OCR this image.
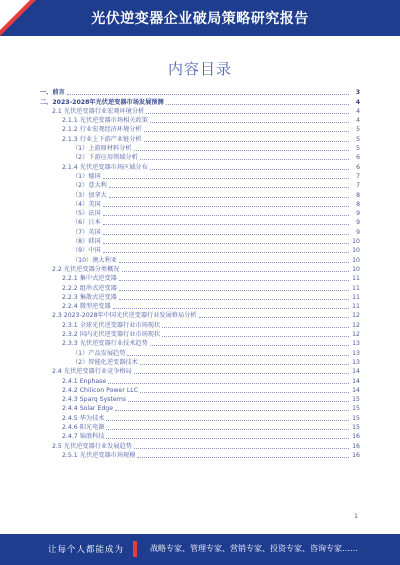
光伏逆变器企业破局策略研究报告
内容目录
一、前言	3
二、2023-2028年光伏逆变器市场发展预测	4
2.1 光伏逆变器行业宏观环境分析	4
2.1.1 光伏逆变器市场相关政策	4
2.1.2 行业宏观经济环境分析	5
2.1.3 行业上下游产业链分析	5
（1）上游原材料分析	5
（2）下游应用领域分析	6
2.1.4 光伏逆变器市场区域分布	6
（1）德国	7
（2）意大利	7
（3）加拿大	8
（4）美国	8
（5）法国	9
（6）日本	9
（7）英国	9
（8）韩国	10
（9）中国	10
（10）澳大利亚	10
2.2 光伏逆变器分类概况	10
2.2.1 集中式逆变器	11
2.2.2 组串式逆变器	11
2.2.3 集散式逆变器	11
2.2.4 微型逆变器	11
2.3 2023-2028年中国光伏逆变器行业发展格局分析	12
2.3.1 全球光伏逆变器行业市场现状	12
2.3.2 国内光伏逆变器行业市场现状	12
2.3.3 光伏逆变器行业技术趋势	13
（1）产品发展趋势	13
（2）智能化逆变器技术	13
2.4 光伏逆变器行业竞争格局	14
2.4.1 Enphase	14
2.4.2 Chilicon Power LLC	14
2.4.3 Sparq Systems	15
2.4.4 Solar Edge	15
2.4.5 华为技术	15
2.4.6 阳光电源	15
2.4.7 锦浪科技	16
2.5 光伏逆变器行业发展趋势	16
2.5.1 光伏逆变器市场规模	16
1
让每个人都能成为	战略专家、管理专家、营销专家、投资专家、咨询专家……
